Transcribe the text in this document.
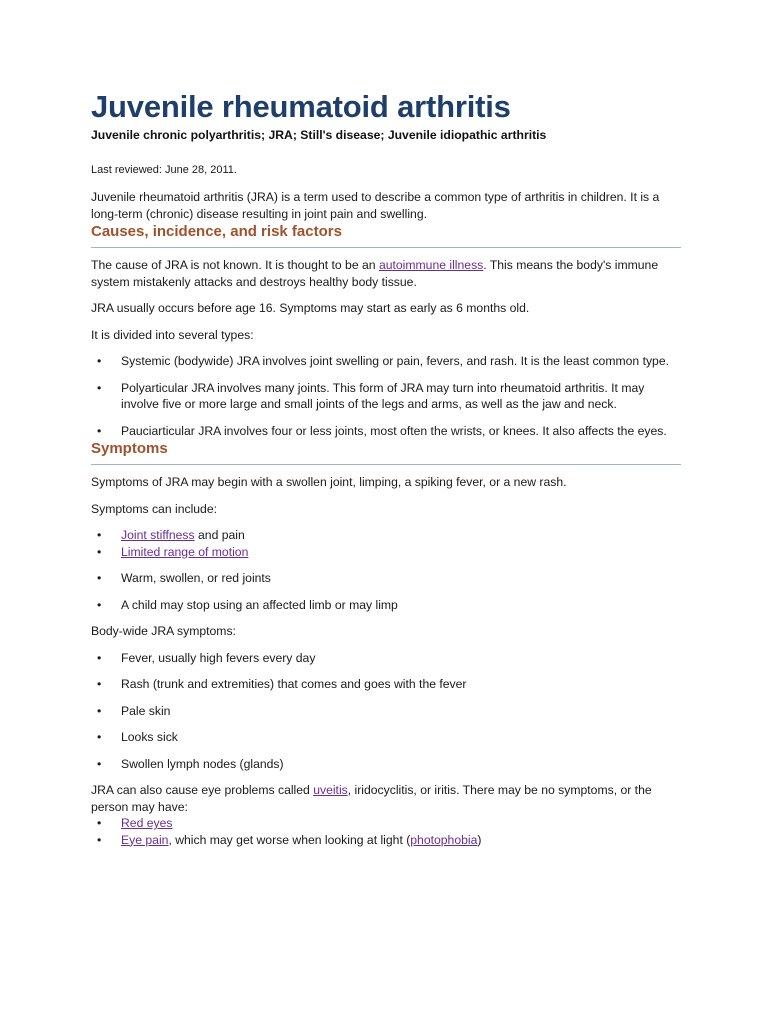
Juvenile rheumatoid arthritis
Juvenile chronic polyarthritis; JRA; Still's disease; Juvenile idiopathic arthritis
Last reviewed: June 28, 2011.

Juvenile rheumatoid arthritis (JRA) is a term used to describe a common type of arthritis in children. It is a long-term (chronic) disease resulting in joint pain and swelling.

Causes, incidence, and risk factors

The cause of JRA is not known. It is thought to be an autoimmune illness. This means the body's immune system mistakenly attacks and destroys healthy body tissue.

JRA usually occurs before age 16. Symptoms may start as early as 6 months old.

It is divided into several types:

• Systemic (bodywide) JRA involves joint swelling or pain, fevers, and rash. It is the least common type.
• Polyarticular JRA involves many joints. This form of JRA may turn into rheumatoid arthritis. It may involve five or more large and small joints of the legs and arms, as well as the jaw and neck.
• Pauciarticular JRA involves four or less joints, most often the wrists, or knees. It also affects the eyes.
Symptoms

Symptoms of JRA may begin with a swollen joint, limping, a spiking fever, or a new rash.

Symptoms can include:

• Joint stiffness and pain
• Limited range of motion
• Warm, swollen, or red joints
• A child may stop using an affected limb or may limp

Body-wide JRA symptoms:

• Fever, usually high fevers every day
• Rash (trunk and extremities) that comes and goes with the fever
• Pale skin
• Looks sick
• Swollen lymph nodes (glands)

JRA can also cause eye problems called uveitis, iridocyclitis, or iritis. There may be no symptoms, or the person may have:

• Red eyes
• Eye pain, which may get worse when looking at light (photophobia)
